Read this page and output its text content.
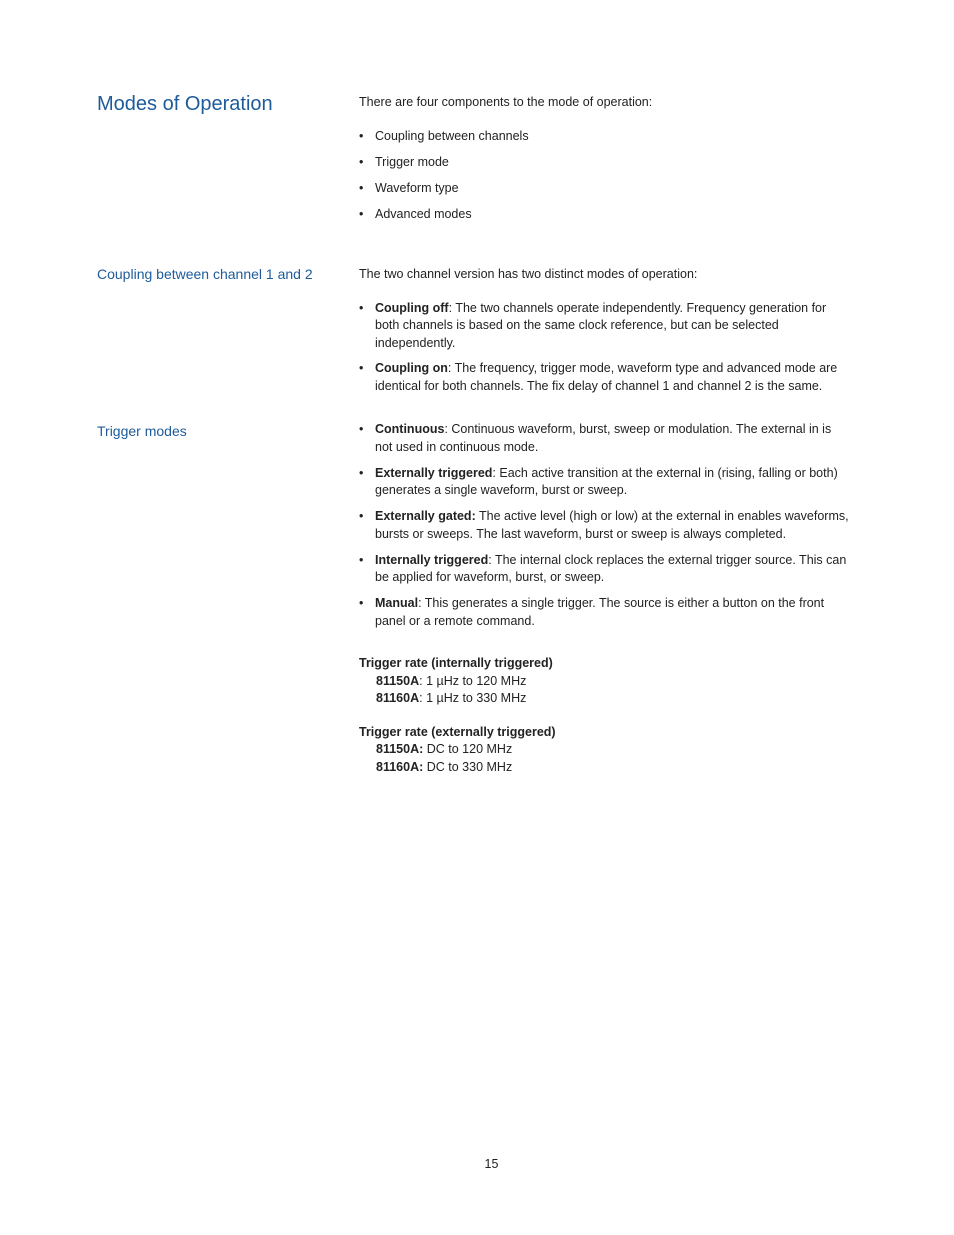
Modes of Operation	There are four components to the mode of operation:

• Coupling between channels
• Trigger mode
• Waveform type
• Advanced modes
Coupling between channel 1 and 2	The two channel version has two distinct modes of operation:

• Coupling off: The two channels operate independently. Frequency generation for both channels is based on the same clock reference, but can be selected independently.
• Coupling on: The frequency, trigger mode, waveform type and advanced mode are identical for both channels. The fix delay of channel 1 and channel 2 is the same.
Trigger modes	• Continuous: Continuous waveform, burst, sweep or modulation. The external in is not used in continuous mode.
• Externally triggered: Each active transition at the external in (rising, falling or both) generates a single waveform, burst or sweep.
• Externally gated: The active level (high or low) at the external in enables waveforms, bursts or sweeps. The last waveform, burst or sweep is always completed.
• Internally triggered: The internal clock replaces the external trigger source. This can be applied for waveform, burst, or sweep.
• Manual: This generates a single trigger. The source is either a button on the front panel or a remote command.

Trigger rate (internally triggered)

81150A: 1 µHz to 120 MHz

81160A: 1 µHz to 330 MHz

Trigger rate (externally triggered)

81150A: DC to 120 MHz

81160A: DC to 330 MHz

15
